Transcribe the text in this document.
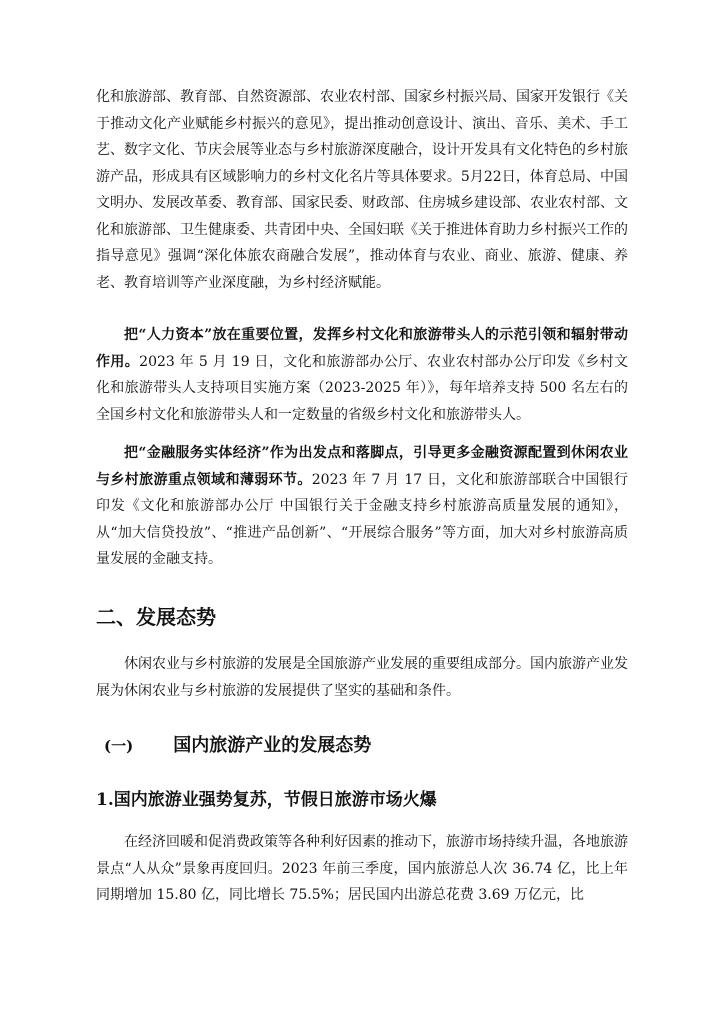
化和旅游部、教育部、自然资源部、农业农村部、国家乡村振兴局、国家开发银行《关于推动文化产业赋能乡村振兴的意见》，提出推动创意设计、演出、音乐、美术、手工艺、数字文化、节庆会展等业态与乡村旅游深度融合，设计开发具有文化特色的乡村旅游产品，形成具有区域影响力的乡村文化名片等具体要求。5月22日，体育总局、中国文明办、发展改革委、教育部、国家民委、财政部、住房城乡建设部、农业农村部、文化和旅游部、卫生健康委、共青团中央、全国妇联《关于推进体育助力乡村振兴工作的指导意见》强调“深化体旅农商融合发展”，推动体育与农业、商业、旅游、健康、养老、教育培训等产业深度融，为乡村经济赋能。

把“人力资本”放在重要位置，发挥乡村文化和旅游带头人的示范引领和辐射带动作用。2023 年 5 月 19 日，文化和旅游部办公厅、农业农村部办公厅印发《乡村文化和旅游带头人支持项目实施方案（2023-2025 年）》，每年培养支持 500 名左右的全国乡村文化和旅游带头人和一定数量的省级乡村文化和旅游带头人。

把“金融服务实体经济”作为出发点和落脚点，引导更多金融资源配置到休闲农业与乡村旅游重点领域和薄弱环节。2023 年 7 月 17 日，文化和旅游部联合中国银行印发《文化和旅游部办公厅 中国银行关于金融支持乡村旅游高质量发展的通知》，从“加大信贷投放”、“推进产品创新”、“开展综合服务”等方面，加大对乡村旅游高质量发展的金融支持。

二、发展态势

休闲农业与乡村旅游的发展是全国旅游产业发展的重要组成部分。国内旅游产业发展为休闲农业与乡村旅游的发展提供了坚实的基础和条件。

(一) 国内旅游产业的发展态势
1.国内旅游业强势复苏，节假日旅游市场火爆

在经济回暖和促消费政策等各种利好因素的推动下，旅游市场持续升温，各地旅游景点“人从众”景象再度回归。2023 年前三季度，国内旅游总人次 36.74 亿，比上年同期增加 15.80 亿，同比增长 75.5%；居民国内出游总花费 3.69 万亿元，比
